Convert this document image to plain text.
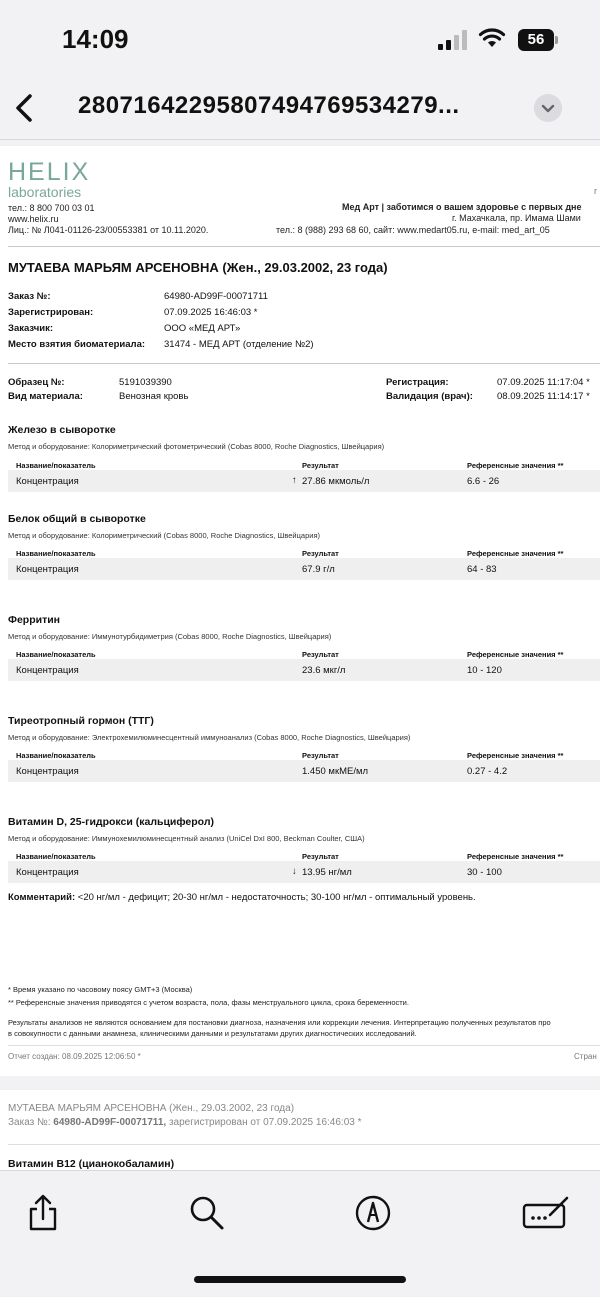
14:09	56
28071642295807494769534279...
HELIX
laboratories
тел.: 8 800 700 03 01
www.helix.ru
Лиц.: № Л041-01126-23/00553381 от 10.11.2020.
r
Мед Арт | заботимся о вашем здоровье с первых дне
г. Махачкала, пр. Имама Шами
тел.: 8 (988) 293 68 60, сайт: www.medart05.ru, e-mail: med_art_05
МУТАЕВА МАРЬЯМ АРСЕНОВНА (Жен., 29.03.2002, 23 года)
Заказ №:	64980-AD99F-00071711
Зарегистрирован:	07.09.2025 16:46:03 *
Заказчик:	ООО «МЕД АРТ»
Место взятия биоматериала: 31474 - МЕД АРТ (отделение №2)
Образец №:	5191039390
Вид материала:	Венозная кровь
Регистрация:	07.09.2025 11:17:04 *
Валидация (врач):	08.09.2025 11:14:17 *
Железо в сыворотке
Метод и оборудование: Колориметрический фотометрический (Cobas 8000, Roche Diagnostics, Швейцария)
Название/показатель	Результат	Референсные значения **
Концентрация	↑ 27.86 мкмоль/л	6.6 - 26
Белок общий в сыворотке
Метод и оборудование: Колориметрический (Cobas 8000, Roche Diagnostics, Швейцария)
Название/показатель	Результат	Референсные значения **
Концентрация	67.9 г/л	64 - 83
Ферритин
Метод и оборудование: Иммунотурбидиметрия (Cobas 8000, Roche Diagnostics, Швейцария)
Название/показатель	Результат	Референсные значения **
Концентрация	23.6 мкг/л	10 - 120
Тиреотропный гормон (ТТГ)
Метод и оборудование: Электрохемилюминесцентный иммуноанализ (Cobas 8000, Roche Diagnostics, Швейцария)
Название/показатель	Результат	Референсные значения **
Концентрация	1.450 мкМЕ/мл	0.27 - 4.2
Витамин D, 25-гидрокси (кальциферол)
Метод и оборудование: Иммунохемилюминесцентный анализ (UniCel DxI 800, Beckman Coulter, США)
Название/показатель	Результат	Референсные значения **
Концентрация	↓ 13.95 нг/мл	30 - 100
Комментарий: <20 нг/мл - дефицит; 20-30 нг/мл - недостаточность; 30-100 нг/мл - оптимальный уровень.
* Время указано по часовому поясу GMT+3 (Москва)
** Референсные значения приводятся с учетом возраста, пола, фазы менструального цикла, срока беременности.
Результаты анализов не являются основанием для постановки диагноза, назначения или коррекции лечения. Интерпретацию полученных результатов про
в совокупности с данными анамнеза, клиническими данными и результатами других диагностических исследований.
Отчет создан: 08.09.2025 12:06:50 *	Стран
МУТАЕВА МАРЬЯМ АРСЕНОВНА (Жен., 29.03.2002, 23 года)
Заказ №: 64980-AD99F-00071711, зарегистрирован от 07.09.2025 16:46:03 *
Витамин В12 (цианокобаламин)
